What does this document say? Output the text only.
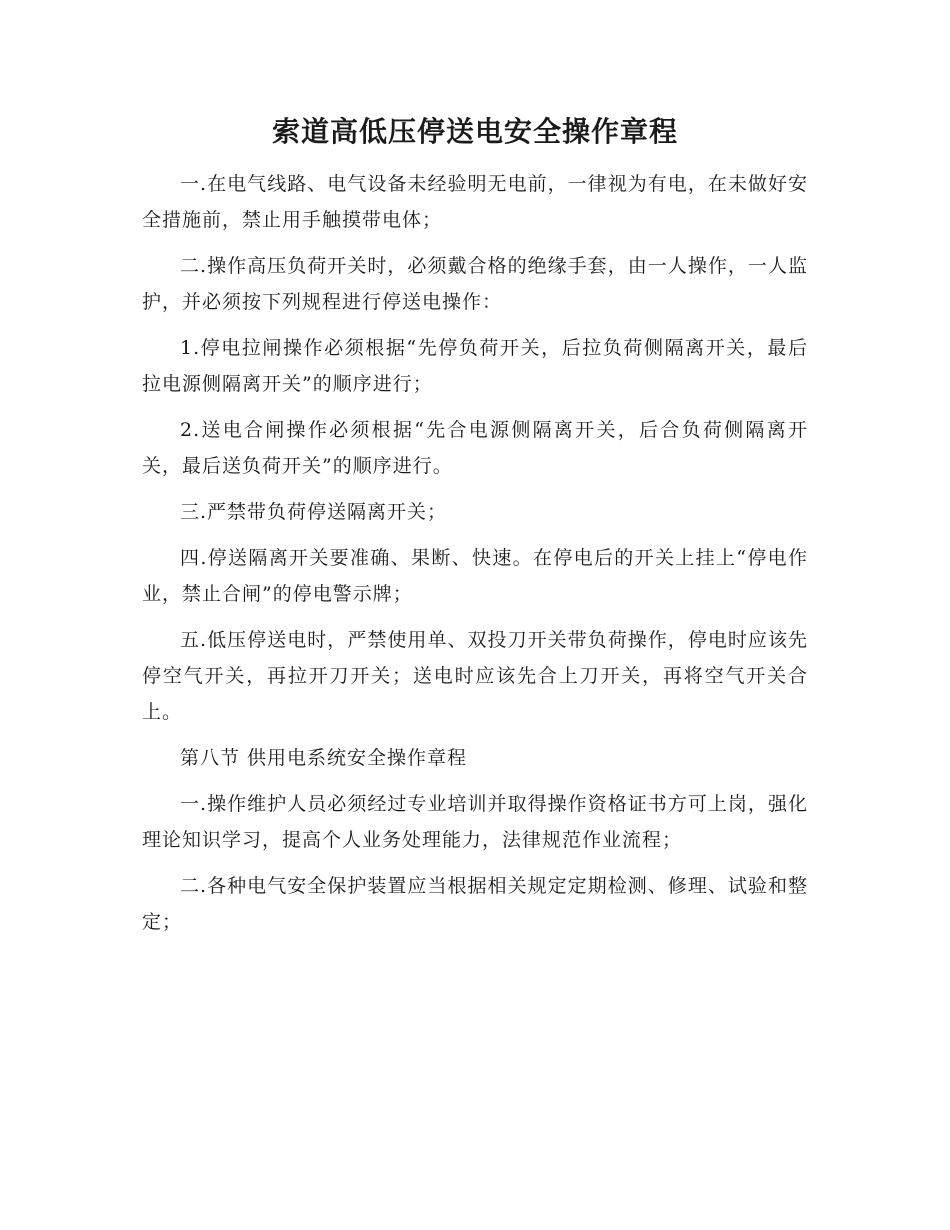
索道高低压停送电安全操作章程

一.在电气线路、电气设备未经验明无电前，一律视为有电，在未做好安全措施前，禁止用手触摸带电体；

二.操作高压负荷开关时，必须戴合格的绝缘手套，由一人操作，一人监护，并必须按下列规程进行停送电操作：

1.停电拉闸操作必须根据“先停负荷开关，后拉负荷侧隔离开关，最后拉电源侧隔离开关”的顺序进行；

2.送电合闸操作必须根据“先合电源侧隔离开关，后合负荷侧隔离开关，最后送负荷开关”的顺序进行。

三.严禁带负荷停送隔离开关；

四.停送隔离开关要准确、果断、快速。在停电后的开关上挂上“停电作业，禁止合闸”的停电警示牌；

五.低压停送电时，严禁使用单、双投刀开关带负荷操作，停电时应该先停空气开关，再拉开刀开关；送电时应该先合上刀开关，再将空气开关合上。

第八节 供用电系统安全操作章程

一.操作维护人员必须经过专业培训并取得操作资格证书方可上岗，强化理论知识学习，提高个人业务处理能力，法律规范作业流程；

二.各种电气安全保护装置应当根据相关规定定期检测、修理、试验和整定；
